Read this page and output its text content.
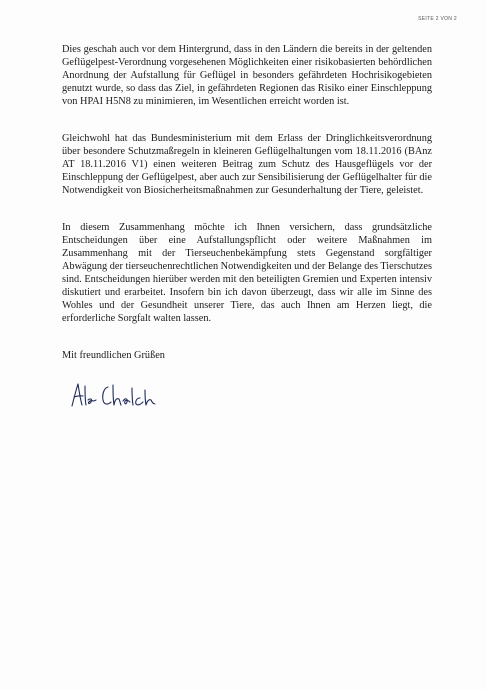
SEITE 2 VON 2

Dies geschah auch vor dem Hintergrund, dass in den Ländern die bereits in der geltenden Geflügelpest-Verordnung vorgesehenen Möglichkeiten einer risikobasierten behördlichen Anordnung der Aufstallung für Geflügel in besonders gefährdeten Hochrisikogebieten genutzt wurde, so dass das Ziel, in gefährdeten Regionen das Risiko einer Einschleppung von HPAI H5N8 zu minimieren, im Wesentlichen erreicht worden ist.

Gleichwohl hat das Bundesministerium mit dem Erlass der Dringlichkeitsverordnung über besondere Schutzmaßregeln in kleineren Geflügelhaltungen vom 18.11.2016 (BAnz AT 18.11.2016 V1) einen weiteren Beitrag zum Schutz des Hausgeflügels vor der Einschleppung der Geflügelpest, aber auch zur Sensibilisierung der Geflügelhalter für die Notwendigkeit von Biosicherheitsmaßnahmen zur Gesunderhaltung der Tiere, geleistet.

In diesem Zusammenhang möchte ich Ihnen versichern, dass grundsätzliche Entscheidungen über eine Aufstallungspflicht oder weitere Maßnahmen im Zusammenhang mit der Tierseuchenbekämpfung stets Gegenstand sorgfältiger Abwägung der tierseuchenrechtlichen Notwendigkeiten und der Belange des Tierschutzes sind. Entscheidungen hierüber werden mit den beteiligten Gremien und Experten intensiv diskutiert und erarbeitet. Insofern bin ich davon überzeugt, dass wir alle im Sinne des Wohles und der Gesundheit unserer Tiere, das auch Ihnen am Herzen liegt, die erforderliche Sorgfalt walten lassen.

Mit freundlichen Grüßen
